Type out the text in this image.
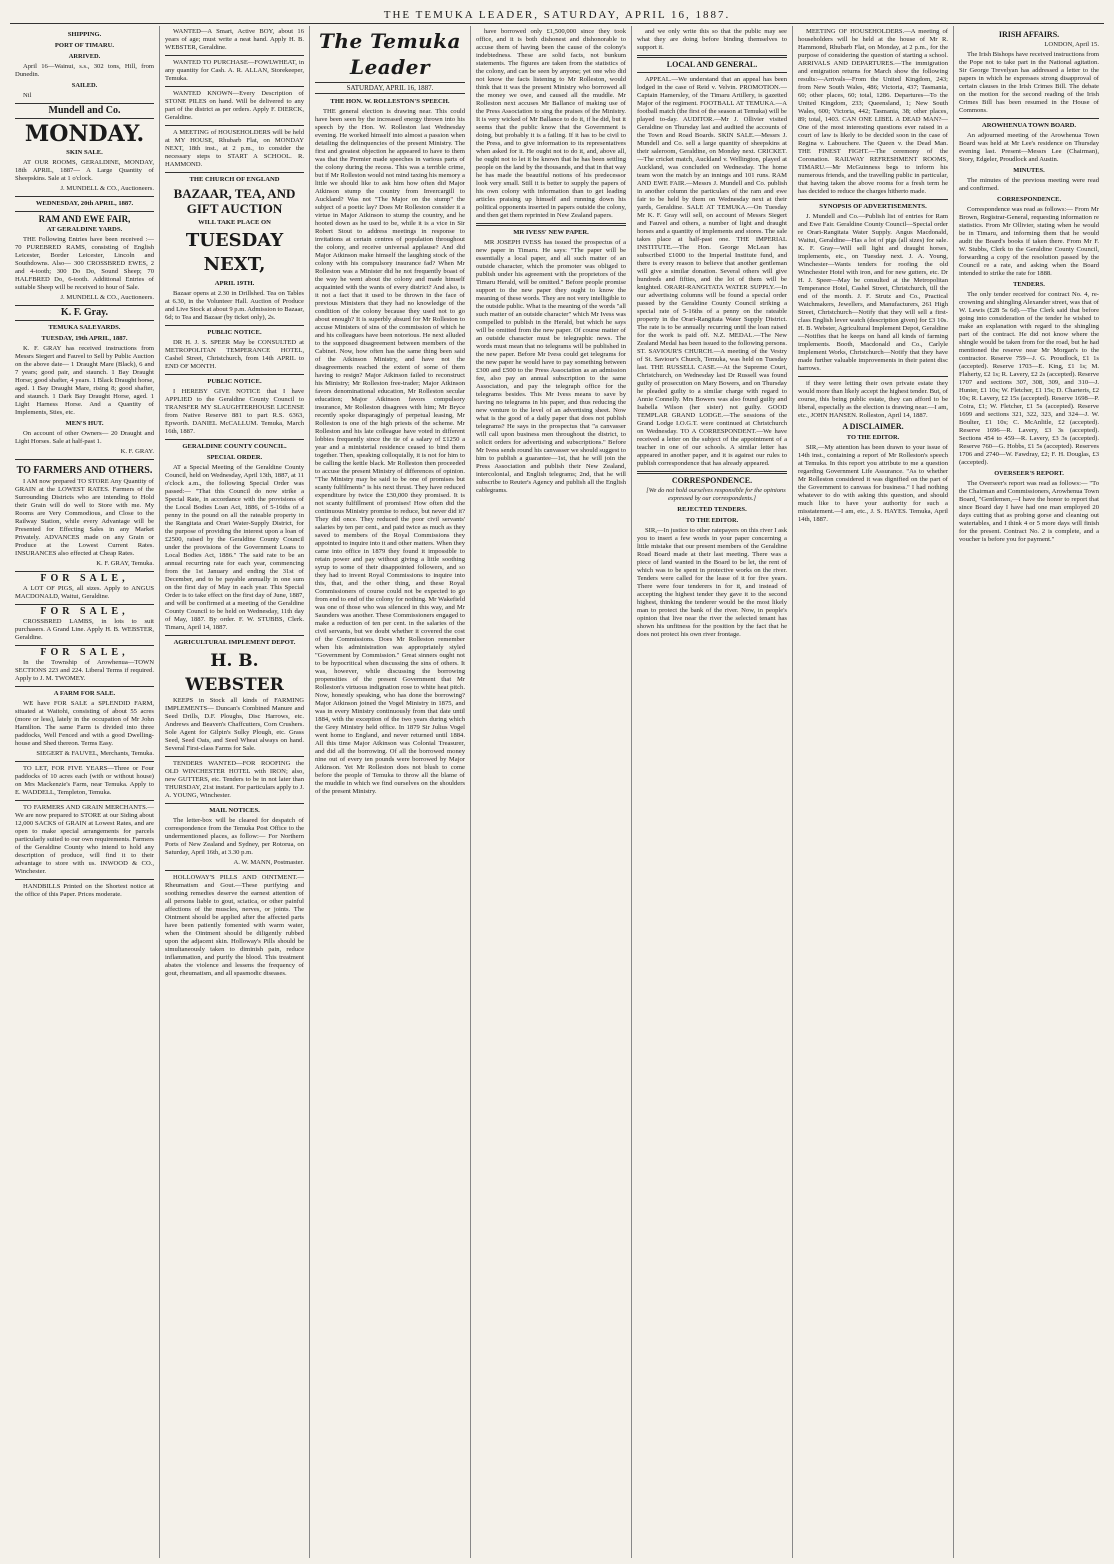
THE TEMUKA LEADER, SATURDAY, APRIL 16, 1887.
SHIPPING.
PORT OF TIMARU.
ARRIVED.

April 16—Wainui, s.s., 302 tons, Hill, from Dunedin.

SAILED.

Nil

Mundell and Co.
MONDAY.
SKIN SALE.

AT OUR ROOMS, GERALDINE, MONDAY, 18th APRIL, 1887— A Large Quantity of Sheepskins. Sale at 1 o'clock.

J. MUNDELL & CO., Auctioneers.

WEDNESDAY, 20th APRIL, 1887.
RAM AND EWE FAIR,
AT GERALDINE YARDS.

THE Following Entries have been received :— 70 PUREBRED RAMS, consisting of English Leicester, Border Leicester, Lincoln and Southdowns. Also— 300 CROSSBRED EWES, 2 and 4-tooth; 300 Do Do, Sound Sheep; 70 HALFBRED Do, 6-tooth. Additional Entries of suitable Sheep will be received to hour of Sale.

J. MUNDELL & CO., Auctioneers.

K. F. Gray.
TEMUKA SALEYARDS.
TUESDAY, 19th APRIL, 1887.

K. F. GRAY has received instructions from Messrs Siegert and Fauvel to Sell by Public Auction on the above date— 1 Draught Mare (Black), 6 and 7 years; good pair, and staunch. 1 Bay Draught Horse; good shafter, 4 years. 1 Black Draught horse, aged. 1 Bay Draught Mare, rising 8; good shafter, and staunch. 1 Dark Bay Draught Horse, aged. 1 Light Harness Horse. And a Quantity of Implements, Sties, etc.

MEN'S HUT.

On account of other Owners— 20 Draught and Light Horses. Sale at half-past 1.

K. F. GRAY.

TO FARMERS AND OTHERS.

I AM now prepared TO STORE Any Quantity of GRAIN at the LOWEST RATES. Farmers of the Surrounding Districts who are intending to Hold their Grain will do well to Store with me. My Rooms are Very Commodious, and Close to the Railway Station, while every Advantage will be Presented for Effecting Sales in any Market Privately. ADVANCES made on any Grain or Produce at the Lowest Current Rates. INSURANCES also effected at Cheap Rates.

K. F. GRAY, Temuka.

FOR SALE,

A LOT OF PIGS, all sizes. Apply to ANGUS MACDONALD, Waitui, Geraldine.

FOR SALE,

CROSSBRED LAMBS, in lots to suit purchasers. A Grand Line. Apply H. B. WEBSTER, Geraldine.

FOR SALE,

In the Township of Arowhenua—TOWN SECTIONS 223 and 224. Liberal Terms if required. Apply to J. M. TWOMEY.

A FARM FOR SALE.

WE have FOR SALE a SPLENDID FARM, situated at Waitohi, consisting of about 55 acres (more or less), lately in the occupation of Mr John Hamilton. The same Farm is divided into three paddocks, Well Fenced and with a good Dwelling-house and Shed thereon. Terms Easy.

SIEGERT & FAUVEL, Merchants, Temuka.

TO LET, FOR FIVE YEARS—Three or Four paddocks of 10 acres each (with or without house) on Mrs Mackenzie's Farm, near Temuka. Apply to E. WADDELL, Templeton, Temuka.

TO FARMERS AND GRAIN MERCHANTS.—We are now prepared to STORE at our Siding about 12,000 SACKS of GRAIN at Lowest Rates, and are open to make special arrangements for parcels particularly suited to our own requirements. Farmers of the Geraldine County who intend to hold any description of produce, will find it to their advantage to store with us. INWOOD & CO., Winchester.

HANDBILLS Printed on the Shortest notice at the office of this Paper. Prices moderate.

WANTED—A Smart, Active BOY, about 16 years of age; must write a neat hand. Apply H. B. WEBSTER, Geraldine.

WANTED TO PURCHASE—FOWLWHEAT, in any quantity for Cash. A. R. ALLAN, Storekeeper, Temuka.

WANTED KNOWN—Every Description of STONE PILES on hand. Will be delivered to any part of the district as per orders. Apply F. DIERCK, Geraldine.

A MEETING of HOUSEHOLDERS will be held at MY HOUSE, Rhubarb Flat, on MONDAY NEXT, 18th inst., at 2 p.m., to consider the necessary steps to START A SCHOOL. R. HAMMOND.

THE CHURCH OF ENGLAND
BAZAAR, TEA, AND GIFT AUCTION
WILL TAKE PLACE ON
TUESDAY NEXT,
APRIL 19TH.

Bazaar opens at 2.30 in Drillshed. Tea on Tables at 6.30, in the Volunteer Hall. Auction of Produce and Live Stock at about 9 p.m. Admission to Bazaar, 6d; to Tea and Bazaar (by ticket only), 2s.

PUBLIC NOTICE.

DR H. J. S. SPEER May be CONSULTED at METROPOLITAN TEMPERANCE HOTEL, Cashel Street, Christchurch, from 14th APRIL to END OF MONTH.

PUBLIC NOTICE.

I HEREBY GIVE NOTICE that I have APPLIED to the Geraldine County Council to TRANSFER MY SLAUGHTERHOUSE LICENSE from Native Reserve 881 to part R.S. 6363, Epworth. DANIEL McCALLUM. Temuka, March 16th, 1887.

GERALDINE COUNTY COUNCIL.
SPECIAL ORDER.

AT a Special Meeting of the Geraldine County Council, held on Wednesday, April 13th, 1887, at 11 o'clock a.m., the following Special Order was passed:— "That this Council do now strike a Special Rate, in accordance with the provisions of the Local Bodies Loan Act, 1886, of 5-16ths of a penny in the pound on all the rateable property in the Rangitata and Orari Water-Supply District, for the purpose of providing the interest upon a loan of £2500, raised by the Geraldine County Council under the provisions of the Government Loans to Local Bodies Act, 1886." The said rate to be an annual recurring rate for each year, commencing from the 1st January and ending the 31st of December, and to be payable annually in one sum on the first day of May in each year. This Special Order is to take effect on the first day of June, 1887, and will be confirmed at a meeting of the Geraldine County Council to be held on Wednesday, 11th day of May, 1887. By order. F. W. STUBBS, Clerk. Timaru, April 14, 1887.

AGRICULTURAL IMPLEMENT DEPOT.
H. B. WEBSTER

KEEPS in Stock all kinds of FARMING IMPLEMENTS— Duncan's Combined Manure and Seed Drills, D.F. Ploughs, Disc Harrows, etc. Andrews and Beaven's Chaffcutters, Corn Crushers. Sole Agent for Gilpin's Sulky Plough, etc. Grass Seed, Seed Oats, and Seed Wheat always on hand. Several First-class Farms for Sale.

TENDERS WANTED—FOR ROOFING the OLD WINCHESTER HOTEL with IRON; also, new GUTTERS, etc. Tenders to be in not later than THURSDAY, 21st instant. For particulars apply to J. A. YOUNG, Winchester.

MAIL NOTICES.

The letter-box will be cleared for despatch of correspondence from the Temuka Post Office to the undermentioned places, as follow:— For Northern Ports of New Zealand and Sydney, per Rotorua, on Saturday, April 16th, at 3.30 p.m.

A. W. MANN, Postmaster.

HOLLOWAY'S PILLS AND OINTMENT.—Rheumatism and Gout.—These purifying and soothing remedies deserve the earnest attention of all persons liable to gout, sciatica, or other painful affections of the muscles, nerves, or joints. The Ointment should be applied after the affected parts have been patiently fomented with warm water, when the Ointment should be diligently rubbed upon the adjacent skin. Holloway's Pills should be simultaneously taken to diminish pain, reduce inflammation, and purify the blood. This treatment abates the violence and lessens the frequency of gout, rheumatism, and all spasmodic diseases.

The Temuka Leader
SATURDAY, APRIL 16, 1887.
THE HON. W. ROLLESTON'S SPEECH.

THE general election is drawing near. This could have been seen by the increased energy thrown into his speech by the Hon. W. Rolleston last Wednesday evening. He worked himself into almost a passion when detailing the delinquencies of the present Ministry. The first and greatest objection he appeared to have to them was that the Premier made speeches in various parts of the colony during the recess. This was a terrible crime, but if Mr Rolleston would not mind taxing his memory a little we should like to ask him how often did Major Atkinson stump the country from Invercargill to Auckland? Was not "The Major on the stump" the subject of a poetic lay? Does Mr Rolleston consider it a virtue in Major Atkinson to stump the country, and he hooted down as he used to be, while it is a vice in Sir Robert Stout to address meetings in response to invitations at certain centres of population throughout the colony, and receive universal applause? And did Major Atkinson make himself the laughing stock of the colony with his compulsory insurance fad? When Mr Rolleston was a Minister did he not frequently boast of the way he went about the colony and made himself acquainted with the wants of every district? And also, is it not a fact that it used to be thrown in the face of previous Ministers that they had no knowledge of the condition of the colony because they used not to go about enough? It is superbly absurd for Mr Rolleston to accuse Ministers of sins of the commission of which he and his colleagues have been notorious. He next alluded to the supposed disagreement between members of the Cabinet. Now, how often has the same thing been said of the Atkinson Ministry, and have not the disagreements reached the extent of some of them having to resign? Major Atkinson failed to reconstruct his Ministry; Mr Rolleston free-trader; Major Atkinson favors denominational education, Mr Rolleston secular education; Major Atkinson favors compulsory insurance, Mr Rolleston disagrees with him; Mr Bryce recently spoke disparagingly of perpetual leasing, Mr Rolleston is one of the high priests of the scheme. Mr Rolleston and his late colleague have voted in different lobbies frequently since the tie of a salary of £1250 a year and a ministerial residence ceased to bind them together. Then, speaking colloquially, it is not for him to be calling the kettle black. Mr Rolleston then proceeded to accuse the present Ministry of differences of opinion. "The Ministry may be said to be one of promises but scanty fulfilments" is his next thrust. They have reduced expenditure by twice the £30,000 they promised. It is not scanty fulfillment of promises! How often did the continuous Ministry promise to reduce, but never did it? They did once. They reduced the poor civil servants' salaries by ten per cent., and paid twice as much as they saved to members of the Royal Commissions they appointed to inquire into it and other matters. When they came into office in 1879 they found it impossible to retain power and pay without giving a little soothing syrup to some of their disappointed followers, and so they had to invent Royal Commissions to inquire into this, that, and the other thing, and these Royal Commissioners of course could not be expected to go from end to end of the colony for nothing. Mr Wakefield was one of those who was silenced in this way, and Mr Saunders was another. These Commissioners engaged to make a reduction of ten per cent. in the salaries of the civil servants, but we doubt whether it covered the cost of the Commissions. Does Mr Rolleston remember when his administration was appropriately styled "Government by Commission." Great sinners ought not to be hypocritical when discussing the sins of others. It was, however, while discussing the borrowing propensities of the present Government that Mr Rolleston's virtuous indignation rose to white heat pitch. Now, honestly speaking, who has done the borrowing? Major Atkinson joined the Vogel Ministry in 1875, and was in every Ministry continuously from that date until 1884, with the exception of the two years during which the Grey Ministry held office. In 1879 Sir Julius Vogel went home to England, and never returned until 1884. All this time Major Atkinson was Colonial Treasurer, and did all the borrowing. Of all the borrowed money nine out of every ten pounds were borrowed by Major Atkinson. Yet Mr Rolleston does not blush to come before the people of Temuka to throw all the blame of the muddle in which we find ourselves on the shoulders of the present Ministry.

have borrowed only £1,500,000 since they took office, and it is both dishonest and dishonorable to accuse them of having been the cause of the colony's indebtedness. These are solid facts, not bunkum statements. The figures are taken from the statistics of the colony, and can be seen by anyone; yet one who did not know the facts listening to Mr Rolleston, would think that it was the present Ministry who borrowed all the money we owe, and caused all the muddle. Mr Rolleston next accuses Mr Ballance of making use of the Press Association to sing the praises of the Ministry. It is very wicked of Mr Ballance to do it, if he did, but it seems that the public know that the Government is doing, but probably it is a failing. If it has to be civil to the Press, and to give information to its representatives when asked for it. He ought not to do it, and, above all, he ought not to let it be known that he has been settling people on the land by the thousands, and that in that way he has made the beautiful notions of his predecessor look very small. Still it is better to supply the papers of his own colony with information than to get leading articles praising up himself and running down his political opponents inserted in papers outside the colony, and then get them reprinted in New Zealand papers.

MR IVESS' NEW PAPER.

MR JOSEPH IVESS has issued the prospectus of a new paper in Timaru. He says: "The paper will be essentially a local paper, and all such matter of an outside character, which the promoter was obliged to publish under his agreement with the proprietors of the Timaru Herald, will be omitted." Before people promise support to the new paper they ought to know the meaning of these words. They are not very intelligible to the outside public. What is the meaning of the words "all such matter of an outside character" which Mr Ivess was compelled to publish in the Herald, but which he says will be omitted from the new paper. Of course matter of an outside character must be telegraphic news. The words must mean that no telegrams will be published in the new paper. Before Mr Ivess could get telegrams for the new paper he would have to pay something between £300 and £500 to the Press Association as an admission fee, also pay an annual subscription to the same Association, and pay the telegraph office for the telegrams besides. This Mr Ivess means to save by having no telegrams in his paper, and thus reducing the new venture to the level of an advertising sheet. Now what is the good of a daily paper that does not publish telegrams? He says in the prospectus that "a canvasser will call upon business men throughout the district, to solicit orders for advertising and subscriptions." Before Mr Ivess sends round his canvasser we should suggest to him to publish a guarantee—1st, that he will join the Press Association and publish their New Zealand, intercolonial, and English telegrams; 2nd, that he will subscribe to Reuter's Agency and publish all the English cablegrams.

and we only write this so that the public may see what they are doing before binding themselves to support it.

LOCAL AND GENERAL.

APPEAL.—We understand that an appeal has been lodged in the case of Reid v. Velvin. PROMOTION.—Captain Hamersley, of the Timaru Artillery, is gazetted Major of the regiment. FOOTBALL AT TEMUKA.—A football match (the first of the season at Temuka) will be played to-day. AUDITOR.—Mr J. Ollivier visited Geraldine on Thursday last and audited the accounts of the Town and Road Boards. SKIN SALE.—Messrs J. Mundell and Co. sell a large quantity of sheepskins at their saleroom, Geraldine, on Monday next. CRICKET.—The cricket match, Auckland v. Wellington, played at Auckland, was concluded on Wednesday. The home team won the match by an innings and 101 runs. RAM AND EWE FAIR.—Messrs J. Mundell and Co. publish in another column the particulars of the ram and ewe fair to be held by them on Wednesday next at their yards, Geraldine. SALE AT TEMUKA.—On Tuesday Mr K. F. Gray will sell, on account of Messrs Siegert and Fauvel and others, a number of light and draught horses and a quantity of implements and stores. The sale takes place at half-past one. THE IMPERIAL INSTITUTE.—The Hon. George McLean has subscribed £1000 to the Imperial Institute fund, and there is every reason to believe that another gentleman will give a similar donation. Several others will give hundreds and fifties, and the lot of them will be knighted. ORARI-RANGITATA WATER SUPPLY.—In our advertising columns will be found a special order passed by the Geraldine County Council striking a special rate of 5-16ths of a penny on the rateable property in the Orari-Rangitata Water Supply District. The rate is to be annually recurring until the loan raised for the work is paid off. N.Z. MEDAL.—The New Zealand Medal has been issued to the following persons. ST. SAVIOUR'S CHURCH.—A meeting of the Vestry of St. Saviour's Church, Temuka, was held on Tuesday last. THE RUSSELL CASE.—At the Supreme Court, Christchurch, on Wednesday last Dr Russell was found guilty of prosecution on Mary Bowers, and on Thursday he pleaded guilty to a similar charge with regard to Annie Connelly. Mrs Bowers was also found guilty and Isabella Wilson (her sister) not guilty. GOOD TEMPLAR GRAND LODGE.—The sessions of the Grand Lodge I.O.G.T. were continued at Christchurch on Wednesday. TO A CORRESPONDENT.—We have received a letter on the subject of the appointment of a teacher in one of our schools. A similar letter has appeared in another paper, and it is against our rules to publish correspondence that has already appeared.

CORRESPONDENCE.

[We do not hold ourselves responsible for the opinions expressed by our correspondents.]

REJECTED TENDERS.
TO THE EDITOR.

SIR,—In justice to other ratepayers on this river I ask you to insert a few words in your paper concerning a little mistake that our present members of the Geraldine Road Board made at their last meeting. There was a piece of land wanted in the Board to be let, the rent of which was to be spent in protective works on the river. Tenders were called for the lease of it for five years. There were four tenderers in for it, and instead of accepting the highest tender they gave it to the second highest, thinking the tenderer would be the most likely man to protect the bank of the river. Now, in people's opinion that live near the river the selected tenant has shown his unfitness for the position by the fact that he does not protect his own river frontage.

MEETING OF HOUSEHOLDERS.—A meeting of householders will be held at the house of Mr R. Hammond, Rhubarb Flat, on Monday, at 2 p.m., for the purpose of considering the question of starting a school. ARRIVALS AND DEPARTURES.—The immigration and emigration returns for March show the following results:—Arrivals—From the United Kingdom, 243; from New South Wales, 486; Victoria, 437; Tasmania, 60; other places, 60; total, 1286. Departures—To the United Kingdom, 233; Queensland, 1; New South Wales, 600; Victoria, 442; Tasmania, 38; other places, 89; total, 1403. CAN ONE LIBEL A DEAD MAN?—One of the most interesting questions ever raised in a court of law is likely to be decided soon in the case of Regina v. Labouchere. The Queen v. the Dead Man. THE FINEST FIGHT.—The ceremony of the Coronation. RAILWAY REFRESHMENT ROOMS, TIMARU.—Mr McGuinness begs to inform his numerous friends, and the travelling public in particular, that having taken the above rooms for a fresh term he has decided to reduce the charges hitherto made.

SYNOPSIS OF ADVERTISEMENTS.

J. Mundell and Co.—Publish list of entries for Ram and Ewe Fair. Geraldine County Council—Special order re Orari-Rangitata Water Supply. Angus Macdonald, Waitui, Geraldine—Has a lot of pigs (all sizes) for sale. K. F. Gray—Will sell light and draught horses, implements, etc., on Tuesday next. J. A. Young, Winchester—Wants tenders for roofing the old Winchester Hotel with iron, and for new gutters, etc. Dr H. J. Speer—May be consulted at the Metropolitan Temperance Hotel, Cashel Street, Christchurch, till the end of the month. J. F. Strutz and Co., Practical Watchmakers, Jewellers, and Manufacturers, 261 High Street, Christchurch—Notify that they will sell a first-class English lever watch (description given) for £3 10s. H. B. Webster, Agricultural Implement Depot, Geraldine—Notifies that he keeps on hand all kinds of farming implements. Booth, Macdonald and Co., Carlyle Implement Works, Christchurch—Notify that they have made further valuable improvements in their patent disc harrows.

if they were letting their own private estate they would more than likely accept the highest tender. But, of course, this being public estate, they can afford to be liberal, especially as the election is drawing near.—I am, etc., JOHN HANSEN. Rolleston, April 14, 1887.

A DISCLAIMER.
TO THE EDITOR.

SIR,—My attention has been drawn to your issue of 14th inst., containing a report of Mr Rolleston's speech at Temuka. In this report you attribute to me a question regarding Government Life Assurance. "As to whether Mr Rolleston considered it was dignified on the part of the Government to canvass for business." I had nothing whatever to do with asking this question, and should much like to have your authority for such a misstatement.—I am, etc., J. S. HAYES. Temuka, April 14th, 1887.

IRISH AFFAIRS.

LONDON, April 15.

The Irish Bishops have received instructions from the Pope not to take part in the National agitation. Sir George Trevelyan has addressed a letter to the papers in which he expresses strong disapproval of certain clauses in the Irish Crimes Bill. The debate on the motion for the second reading of the Irish Crimes Bill has been resumed in the House of Commons.

AROWHENUA TOWN BOARD.

An adjourned meeting of the Arowhenua Town Board was held at Mr Lee's residence on Thursday evening last. Present—Messrs Lee (Chairman), Story, Edgeler, Proudlock and Austin.

MINUTES.

The minutes of the previous meeting were read and confirmed.

CORRESPONDENCE.

Correspondence was read as follows:— From Mr Brown, Registrar-General, requesting information re statistics. From Mr Ollivier, stating when he would be in Timaru, and informing them that he would audit the Board's books if taken there. From Mr F. W. Stubbs, Clerk to the Geraldine County Council, forwarding a copy of the resolution passed by the Council re a rate, and asking when the Board intended to strike the rate for 1888.

TENDERS.

The only tender received for contract No. 4, re-crowning and shingling Alexander street, was that of W. Lewis (£28 5s 6d).—The Clerk said that before going into consideration of the tender he wished to make an explanation with regard to the shingling part of the contract. He did not know where the shingle would be taken from for the road, but he had mentioned the reserve near Mr Morgan's to the contractor. Reserve 759—J. G. Proudlock, £1 1s (accepted). Reserve 1703—E. King, £1 1s; M. Flaherty, £2 1s; R. Lavery, £2 2s (accepted). Reserve 1707 and sections 307, 308, 309, and 310—J. Hunter, £1 10s; W. Fletcher, £1 15s; D. Charteris, £2 10s; R. Lavery, £2 15s (accepted). Reserve 1698—P. Coira, £1; W. Fletcher, £1 5s (accepted). Reserve 1699 and sections 321, 322, 323, and 324—J. W. Boulter, £1 10s; C. McAnlitle, £2 (accepted). Reserve 1696—R. Lavery, £3 3s (accepted). Sections 454 to 459—R. Lavery, £3 3s (accepted). Reserve 760—G. Hobbs, £1 5s (accepted). Reserves 1706 and 2740—W. Fawdray, £2; F. H. Douglas, £3 (accepted).

OVERSEER'S REPORT.

The Overseer's report was read as follows:— "To the Chairman and Commissioners, Arowhenua Town Board, "Gentlemen,—I have the honor to report that since Board day I have had one man employed 20 days cutting that as probing gorse and cleaning out watertables, and I think 4 or 5 more days will finish for the present. Contract No. 2 is complete, and a voucher is before you for payment."
